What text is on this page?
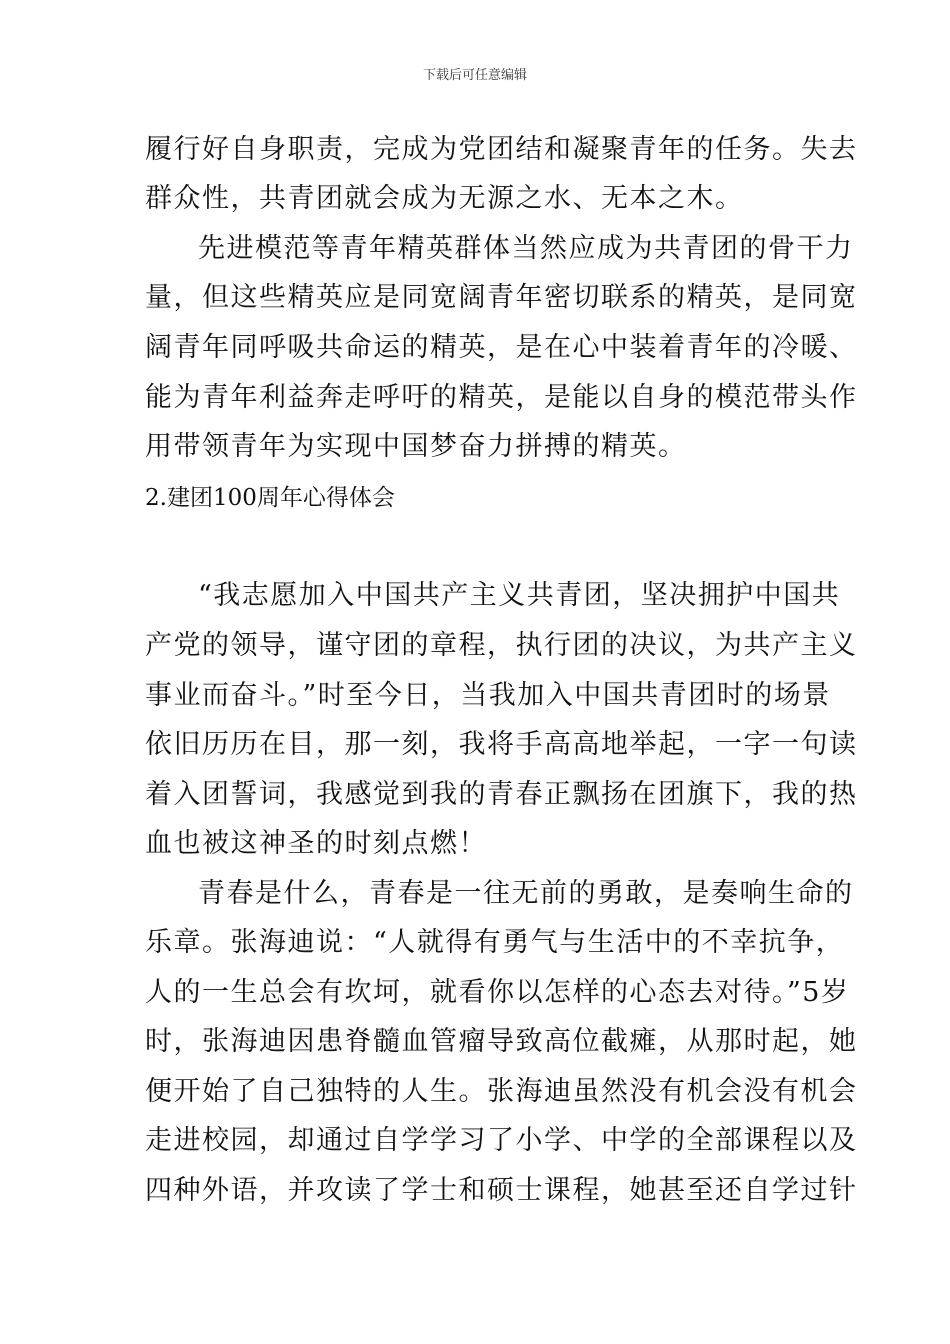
下载后可任意编辑
履行好自身职责，完成为党团结和凝聚青年的任务。失去
群众性，共青团就会成为无源之水、无本之木。
先进模范等青年精英群体当然应成为共青团的骨干力
量，但这些精英应是同宽阔青年密切联系的精英，是同宽
阔青年同呼吸共命运的精英，是在心中装着青年的冷暖、
能为青年利益奔走呼吁的精英，是能以自身的模范带头作
用带领青年为实现中国梦奋力拼搏的精英。
2.建团100周年心得体会
“我志愿加入中国共产主义共青团，坚决拥护中国共
产党的领导，谨守团的章程，执行团的决议，为共产主义
事业而奋斗。”时至今日，当我加入中国共青团时的场景
依旧历历在目，那一刻，我将手高高地举起，一字一句读
着入团誓词，我感觉到我的青春正飘扬在团旗下，我的热
血也被这神圣的时刻点燃！
青春是什么，青春是一往无前的勇敢，是奏响生命的
乐章。张海迪说：“人就得有勇气与生活中的不幸抗争，
人的一生总会有坎坷，就看你以怎样的心态去对待。”5岁
时，张海迪因患脊髓血管瘤导致高位截瘫，从那时起，她
便开始了自己独特的人生。张海迪虽然没有机会没有机会
走进校园，却通过自学学习了小学、中学的全部课程以及
四种外语，并攻读了学士和硕士课程，她甚至还自学过针
